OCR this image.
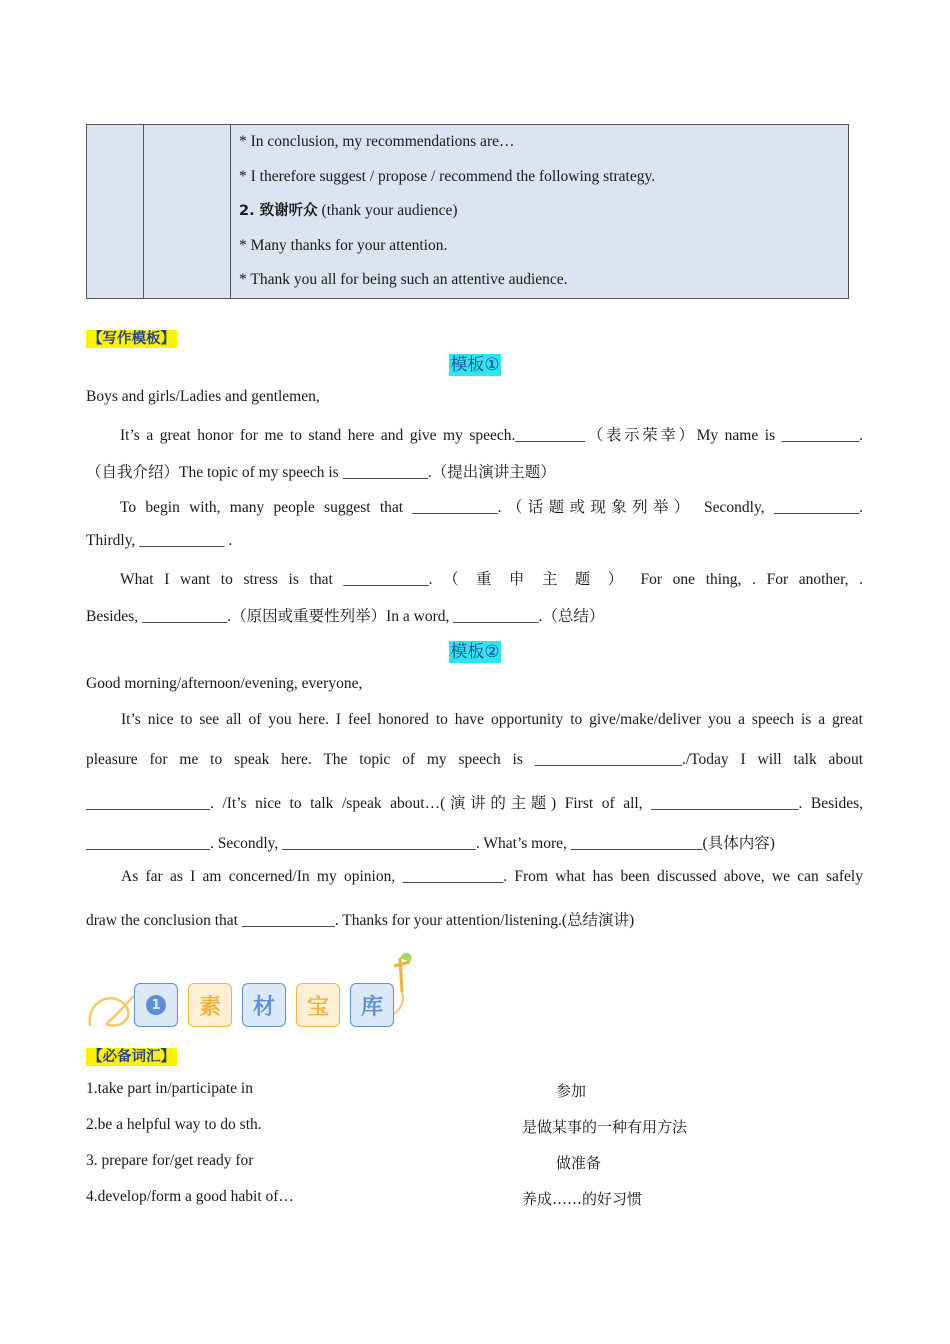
* In conclusion, my recommendations are…

* I therefore suggest / propose / recommend the following strategy.

2. 致谢听众 (thank your audience)

* Many thanks for your attention.

* Thank you all for being such an attentive audience.

【写作模板】
模板①
Boys and girls/Ladies and gentlemen,
It’s a great honor for me to stand here and give my speech._________（表示荣幸）My name is __________.
（自我介绍）The topic of my speech is ___________.（提出演讲主题）
To begin with, many people suggest that ___________.（话题或现象列举） Secondly, ___________.
Thirdly, ___________ .
What I want to stress is that ___________. （ 重 申 主 题 ） For one thing, . For another, .
Besides, ___________.（原因或重要性列举）In a word, ___________.（总结）
模板②
Good morning/afternoon/evening, everyone,
It’s nice to see all of you here. I feel honored to have opportunity to give/make/deliver you a speech is a great
pleasure for me to speak here. The topic of my speech is ___________________./Today I will talk about
________________. /It’s nice to talk /speak about…(演讲的主题) First of all, ___________________. Besides,
________________. Secondly, _________________________. What’s more, _________________(具体内容)
As far as I am concerned/In my opinion, _____________. From what has been discussed above, we can safely
draw the conclusion that ____________. Thanks for your attention/listening.(总结演讲)
1	素	材	宝	库
【必备词汇】
1.take part in/participate in	参加
2.be a helpful way to do sth.	是做某事的一种有用方法
3. prepare for/get ready for	做准备
4.develop/form a good habit of…	养成……的好习惯
